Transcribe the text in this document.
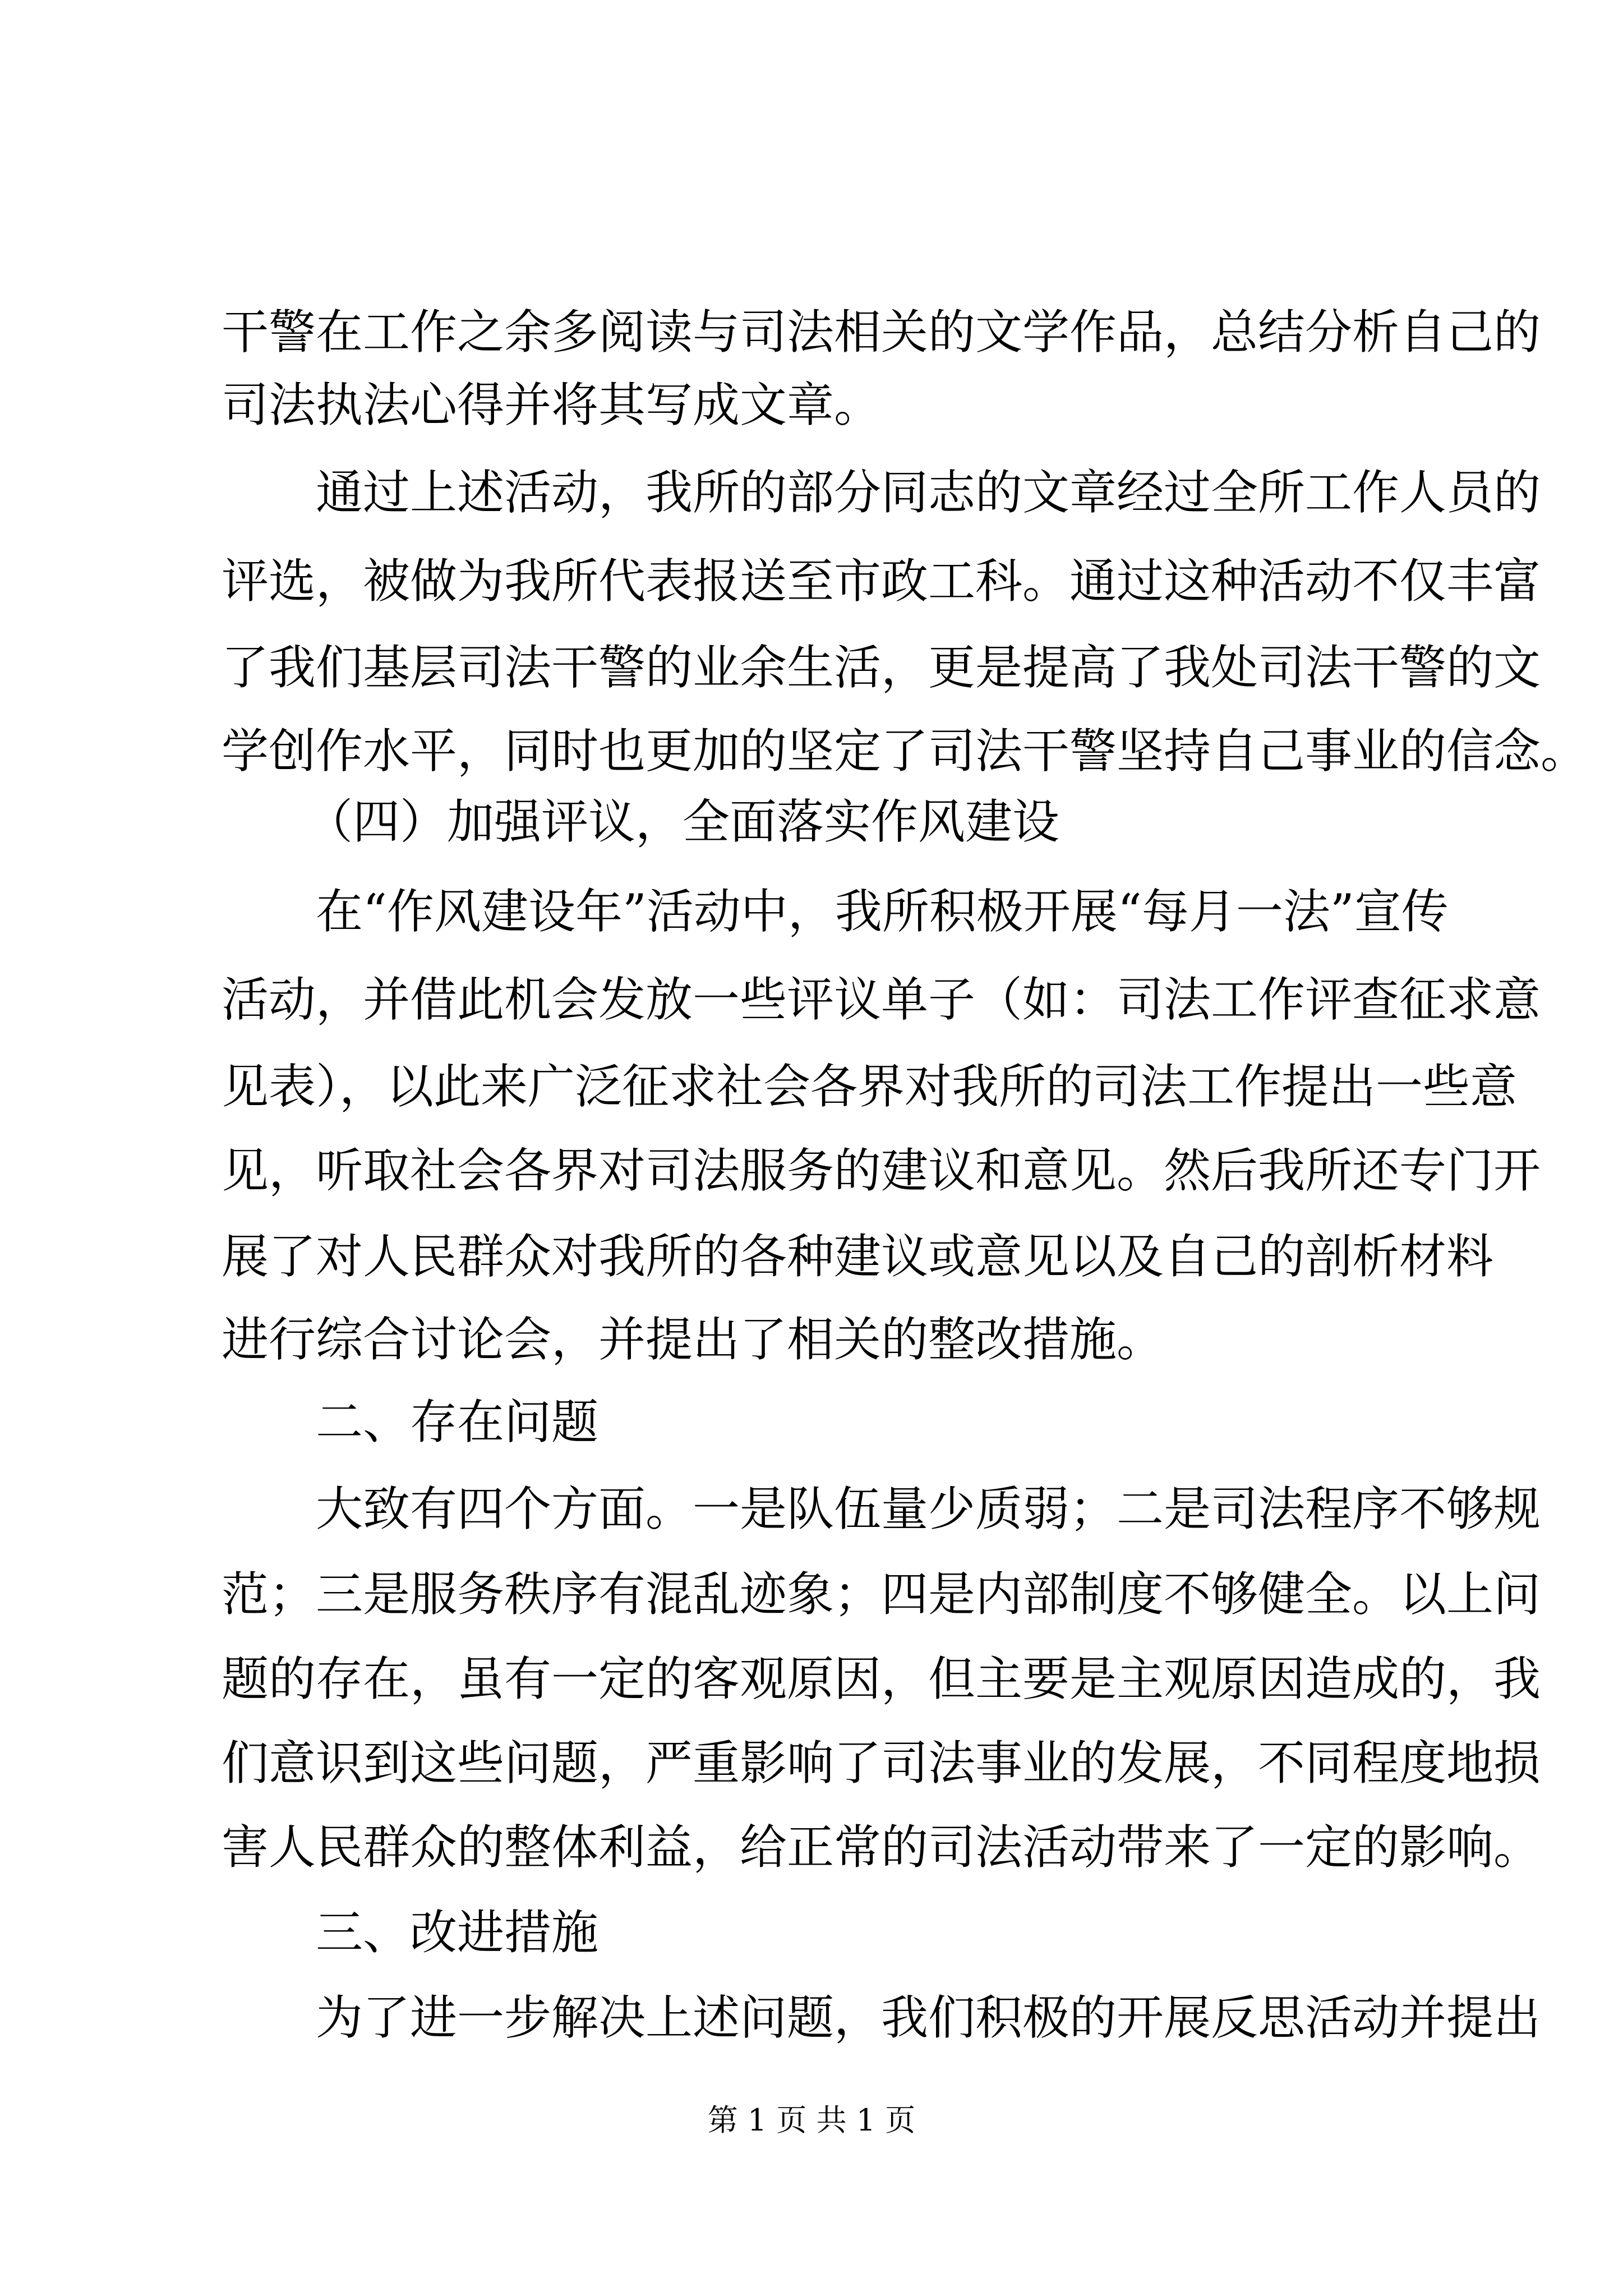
干警在工作之余多阅读与司法相关的文学作品，总结分析自己的
司法执法心得并将其写成文章。
通过上述活动，我所的部分同志的文章经过全所工作人员的
评选，被做为我所代表报送至市政工科。通过这种活动不仅丰富
了我们基层司法干警的业余生活，更是提高了我处司法干警的文
学创作水平，同时也更加的坚定了司法干警坚持自己事业的信念。
（四）加强评议，全面落实作风建设
在“作风建设年”活动中，我所积极开展“每月一法”宣传
活动，并借此机会发放一些评议单子（如：司法工作评查征求意
见表），以此来广泛征求社会各界对我所的司法工作提出一些意
见，听取社会各界对司法服务的建议和意见。然后我所还专门开
展了对人民群众对我所的各种建议或意见以及自己的剖析材料
进行综合讨论会，并提出了相关的整改措施。
二、存在问题
大致有四个方面。一是队伍量少质弱；二是司法程序不够规
范；三是服务秩序有混乱迹象；四是内部制度不够健全。以上问
题的存在，虽有一定的客观原因，但主要是主观原因造成的，我
们意识到这些问题，严重影响了司法事业的发展，不同程度地损
害人民群众的整体利益，给正常的司法活动带来了一定的影响。
三、改进措施
为了进一步解决上述问题，我们积极的开展反思活动并提出
第 1 页 共 1 页
